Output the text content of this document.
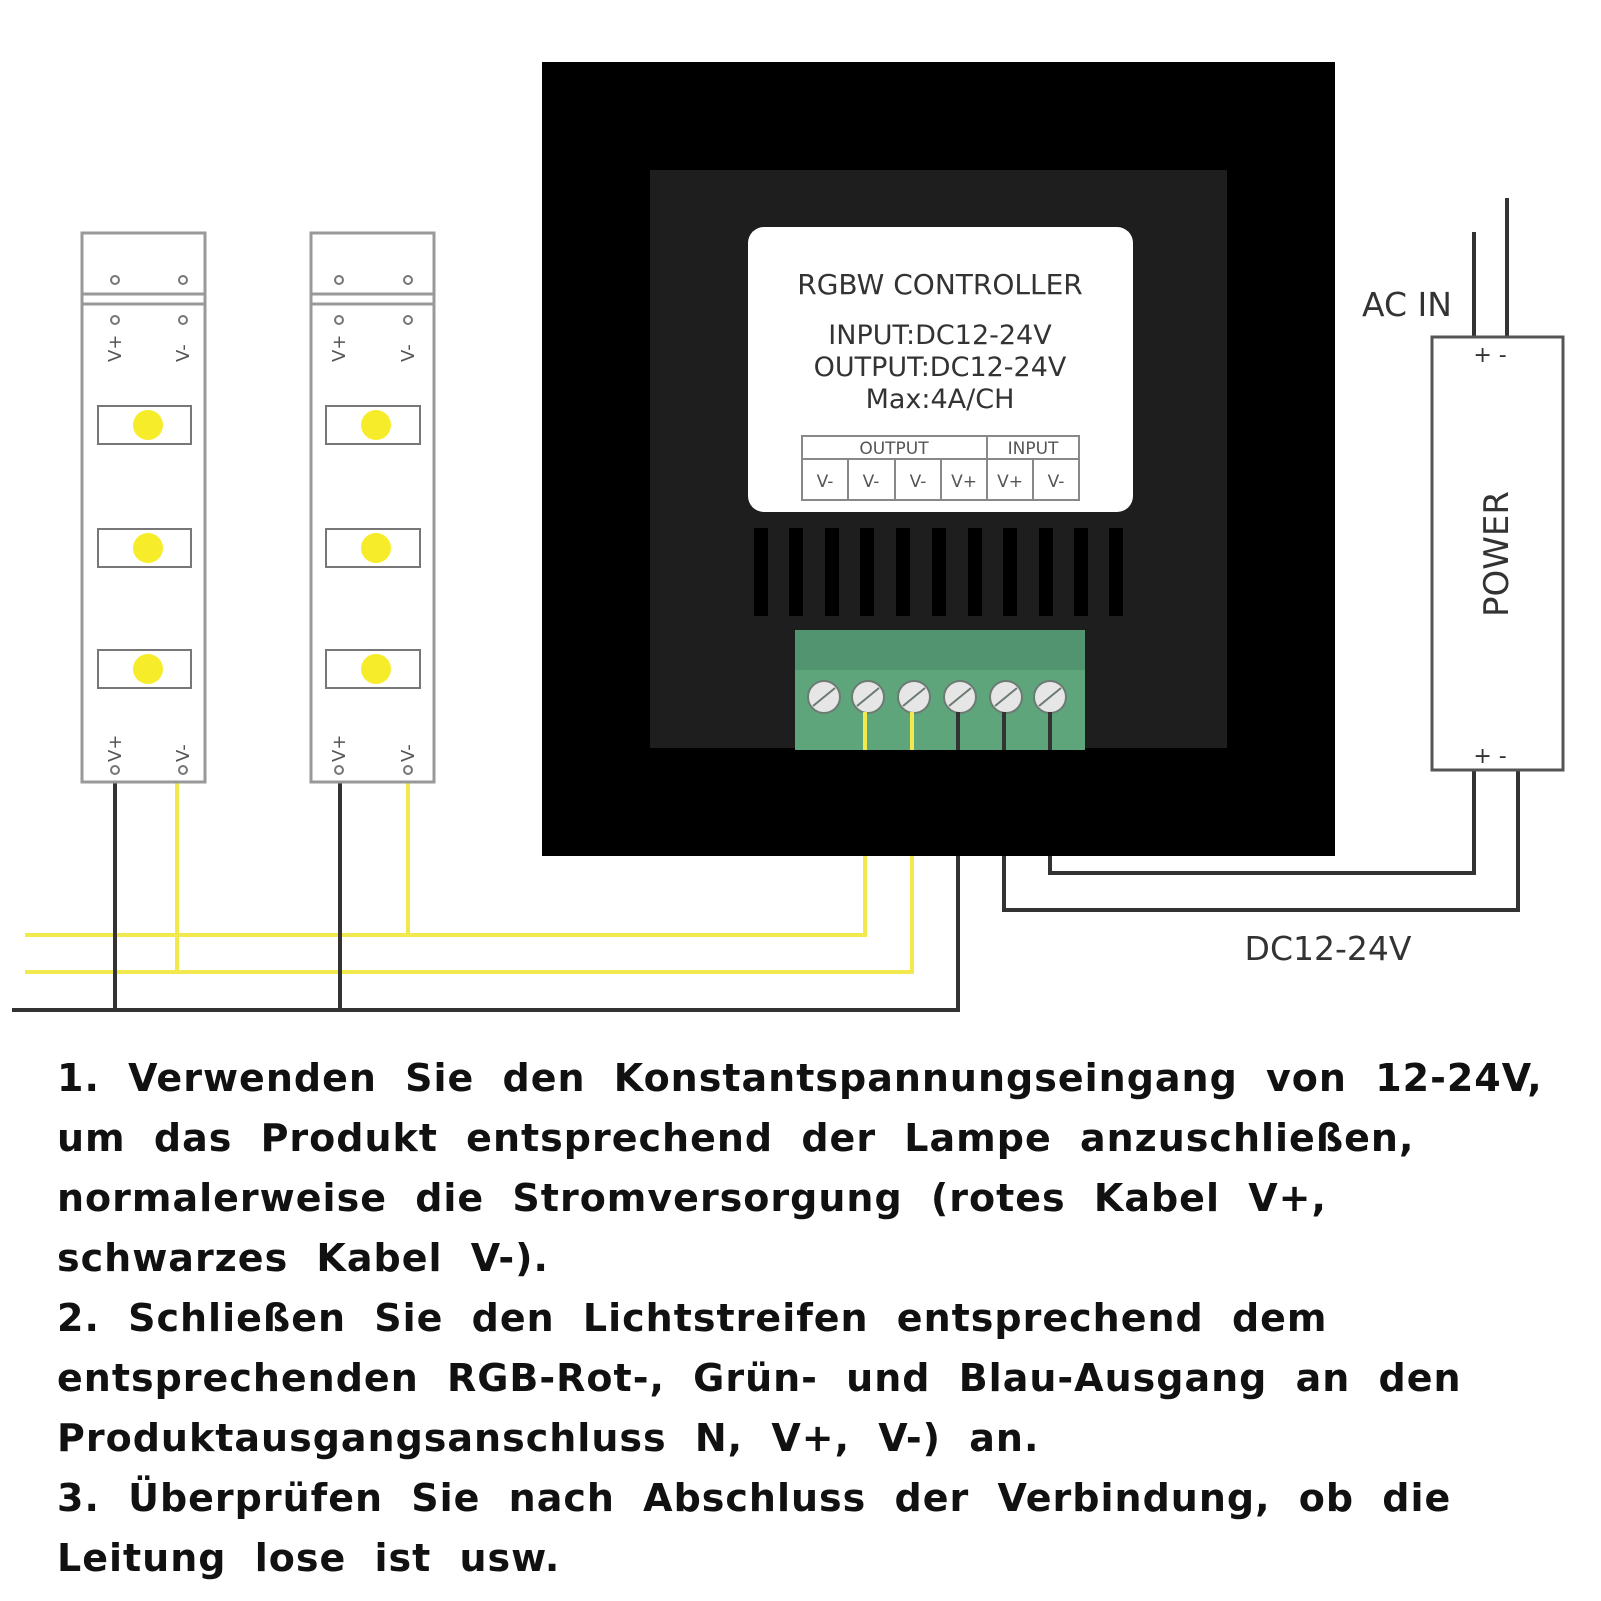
V+	V-
V+	V-
V+	V-
V+	V-
RGBW CONTROLLER
INPUT:DC12-24V
OUTPUT:DC12-24V
Max:4A/CH
OUTPUT	INPUT
V- V- V- V+ V+ V-
+ -
+ -
POWER
AC IN
DC12-24V

1. Verwenden Sie den Konstantspannungseingang von 12-24V, um das Produkt entsprechend der Lampe anzuschließen, normalerweise die Stromversorgung (rotes Kabel V+, schwarzes Kabel V-).

2. Schließen Sie den Lichtstreifen entsprechend dem entsprechenden RGB-Rot-, Grün- und Blau-Ausgang an den Produktausgangsanschluss N, V+, V-) an.

3. Überprüfen Sie nach Abschluss der Verbindung, ob die Leitung lose ist usw.
